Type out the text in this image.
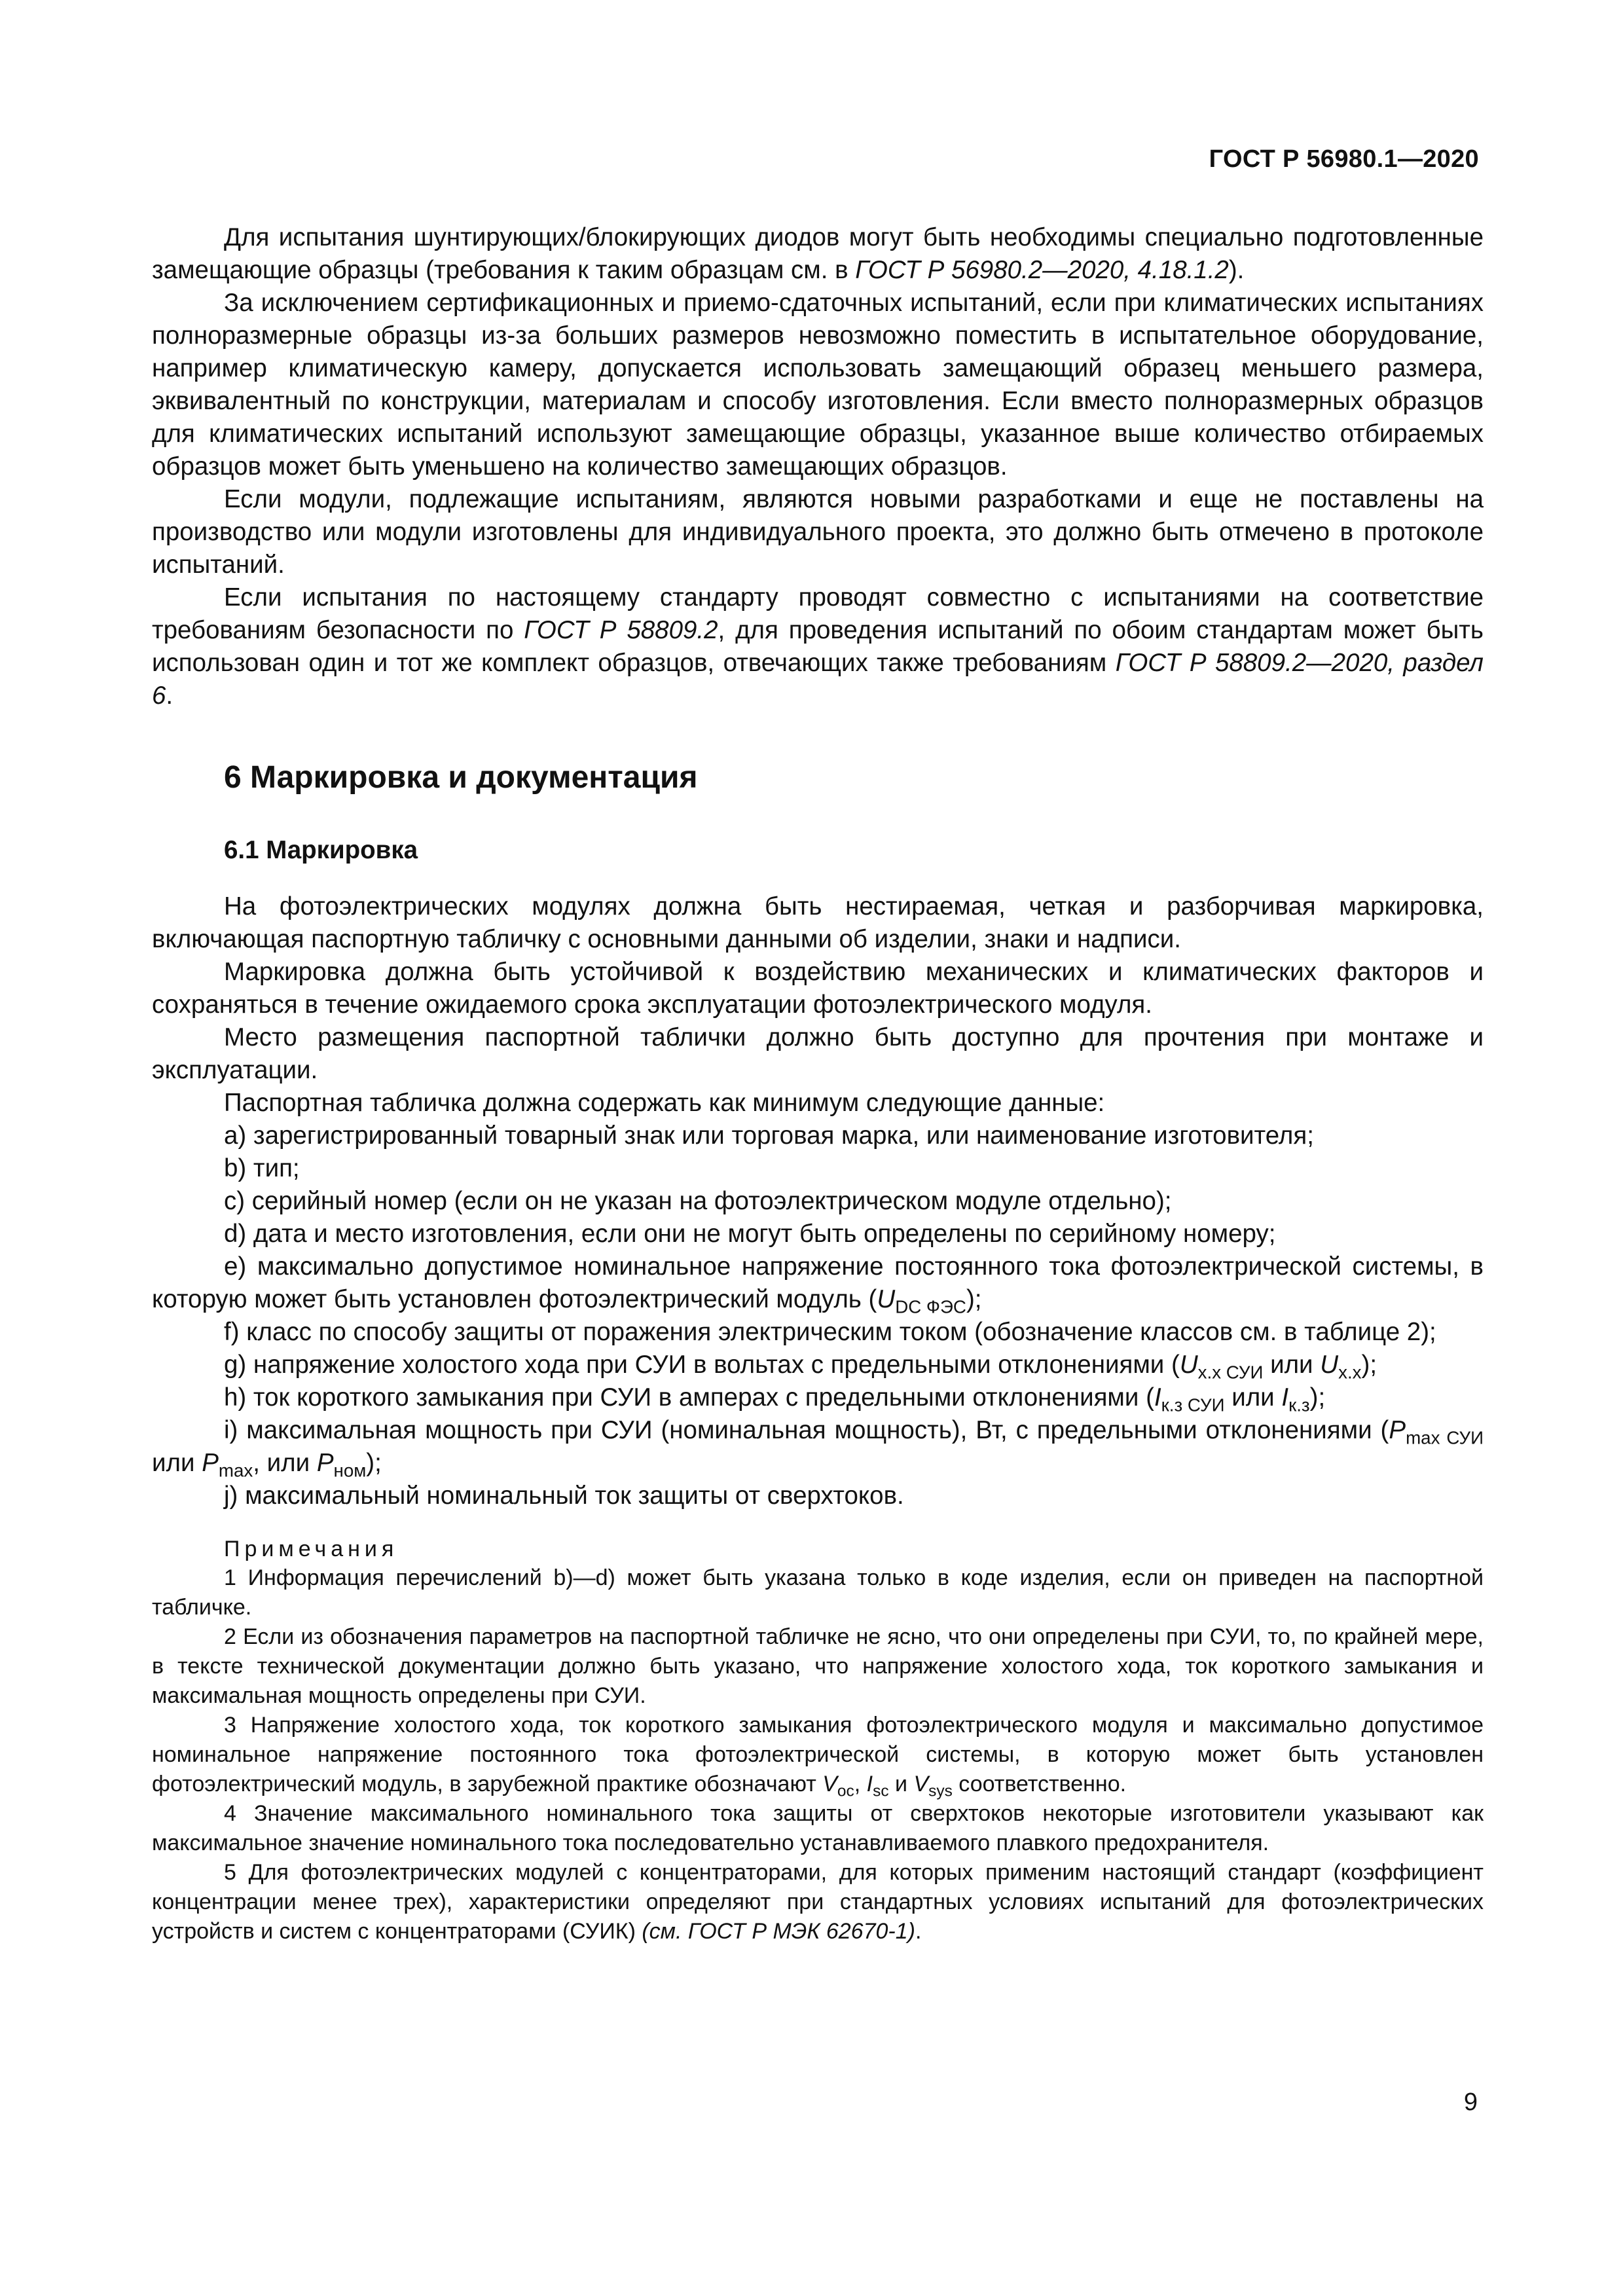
ГОСТ Р 56980.1—2020

Для испытания шунтирующих/блокирующих диодов могут быть необходимы специально подготовленные замещающие образцы (требования к таким образцам см. в ГОСТ Р 56980.2—2020, 4.18.1.2).

За исключением сертификационных и приемо-сдаточных испытаний, если при климатических испытаниях полноразмерные образцы из-за больших размеров невозможно поместить в испытательное оборудование, например климатическую камеру, допускается использовать замещающий образец меньшего размера, эквивалентный по конструкции, материалам и способу изготовления. Если вместо полноразмерных образцов для климатических испытаний используют замещающие образцы, указанное выше количество отбираемых образцов может быть уменьшено на количество замещающих образцов.

Если модули, подлежащие испытаниям, являются новыми разработками и еще не поставлены на производство или модули изготовлены для индивидуального проекта, это должно быть отмечено в протоколе испытаний.

Если испытания по настоящему стандарту проводят совместно с испытаниями на соответствие требованиям безопасности по ГОСТ Р 58809.2, для проведения испытаний по обоим стандартам может быть использован один и тот же комплект образцов, отвечающих также требованиям ГОСТ Р 58809.2—2020, раздел 6.

6 Маркировка и документация
6.1 Маркировка

На фотоэлектрических модулях должна быть нестираемая, четкая и разборчивая маркировка, включающая паспортную табличку с основными данными об изделии, знаки и надписи.

Маркировка должна быть устойчивой к воздействию механических и климатических факторов и сохраняться в течение ожидаемого срока эксплуатации фотоэлектрического модуля.

Место размещения паспортной таблички должно быть доступно для прочтения при монтаже и эксплуатации.

Паспортная табличка должна содержать как минимум следующие данные:

a) зарегистрированный товарный знак или торговая марка, или наименование изготовителя;

b) тип;

c) серийный номер (если он не указан на фотоэлектрическом модуле отдельно);

d) дата и место изготовления, если они не могут быть определены по серийному номеру;

e) максимально допустимое номинальное напряжение постоянного тока фотоэлектрической системы, в которую может быть установлен фотоэлектрический модуль $(U_{DC ФЭС})$;

f) класс по способу защиты от поражения электрическим током (обозначение классов см. в таблице 2);

g) напряжение холостого хода при СУИ в вольтах с предельными отклонениями ($U_{х.х СУИ}$ или $U_{х.х}$);

h) ток короткого замыкания при СУИ в амперах с предельными отклонениями ($I_{к.з СУИ}$ или $I_{к.з}$);

i) максимальная мощность при СУИ (номинальная мощность), Вт, с предельными отклонениями ($P_{max СУИ}$ или $P_{max}$, или $P_{ном}$);

j) максимальный номинальный ток защиты от сверхтоков.

Примечания

1 Информация перечислений b)—d) может быть указана только в коде изделия, если он приведен на паспортной табличке.

2 Если из обозначения параметров на паспортной табличке не ясно, что они определены при СУИ, то, по крайней мере, в тексте технической документации должно быть указано, что напряжение холостого хода, ток короткого замыкания и максимальная мощность определены при СУИ.

3 Напряжение холостого хода, ток короткого замыкания фотоэлектрического модуля и максимально допустимое номинальное напряжение постоянного тока фотоэлектрической системы, в которую может быть установлен фотоэлектрический модуль, в зарубежной практике обозначают $V_{oc}$, $I_{sc}$ и $V_{sys}$ соответственно.

4 Значение максимального номинального тока защиты от сверхтоков некоторые изготовители указывают как максимальное значение номинального тока последовательно устанавливаемого плавкого предохранителя.

5 Для фотоэлектрических модулей с концентраторами, для которых применим настоящий стандарт (коэффициент концентрации менее трех), характеристики определяют при стандартных условиях испытаний для фотоэлектрических устройств и систем с концентраторами (СУИК) (см. ГОСТ Р МЭК 62670-1).

9
